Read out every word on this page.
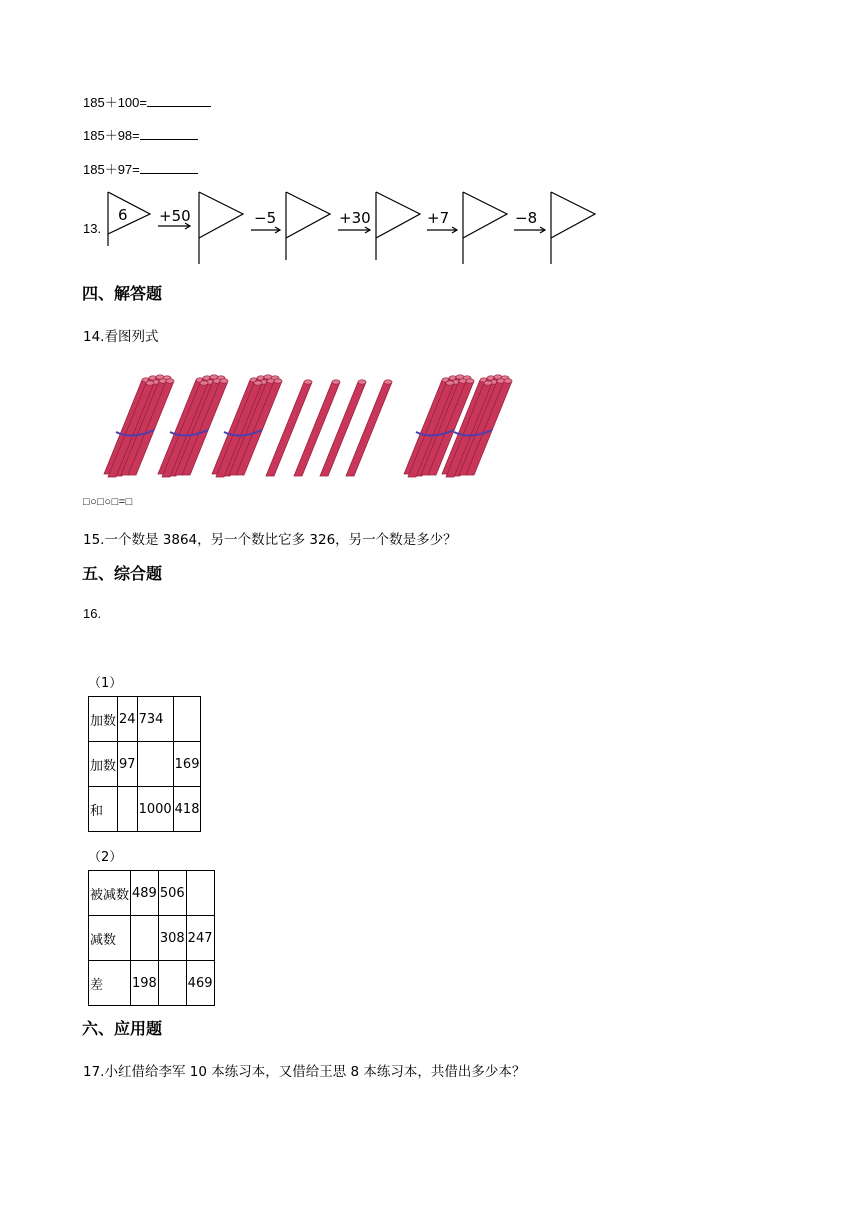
185＋100=
185＋98=
185＋97=
13.
6 +50	−5	+30	+7	−8
四、解答题
14.看图列式
□○□○□=□
15.一个数是 3864，另一个数比它多 326，另一个数是多少？
五、综合题
16.
（1）
加数	24	734	
加数	97		169
和		1000	418
（2）
被减数	489	506	
减数		308	247
差	198		469
六、应用题
17.小红借给李军 10 本练习本，又借给王思 8 本练习本，共借出多少本？
